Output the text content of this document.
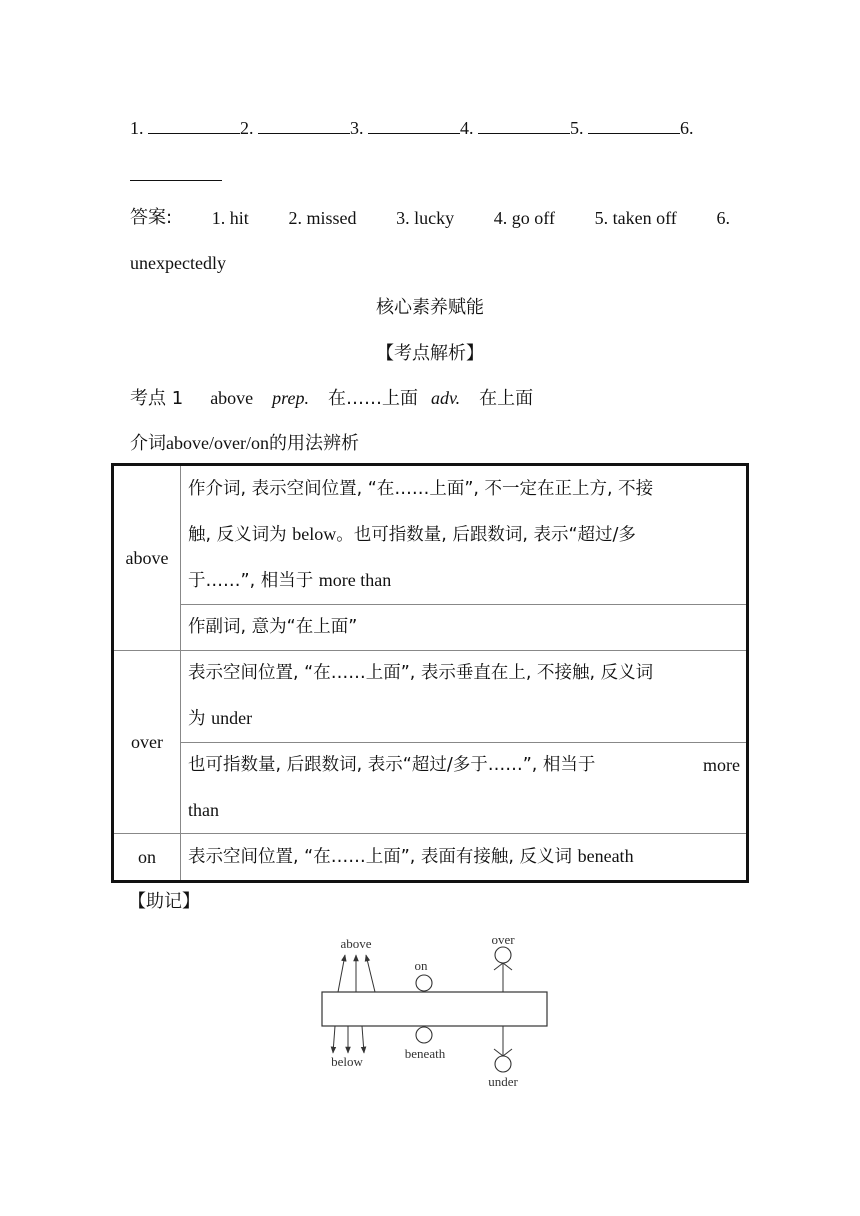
1.	2.	3.	4.	5.	6.
答案: 1. hit 2. missed 3. lucky 4. go off 5. taken off 6.
unexpectedly
核心素养赋能
【考点解析】
考点 1 above prep. 在……上面 adv. 在上面
介词above/over/on的用法辨析
above	作介词, 表示空间位置, “在……上面”, 不一定在正上方, 不接
触, 反义词为 below。也可指数量, 后跟数词, 表示“超过/多
于……”, 相当于 more than

	作副词, 意为“在上面”
over	表示空间位置, “在……上面”, 表示垂直在上, 不接触, 反义词
为 under

	也可指数量, 后跟数词, 表示“超过/多于……”, 相当于 more
than

on	表示空间位置, “在……上面”, 表面有接触, 反义词 beneath
【助记】
above
on
over
below
beneath
under
